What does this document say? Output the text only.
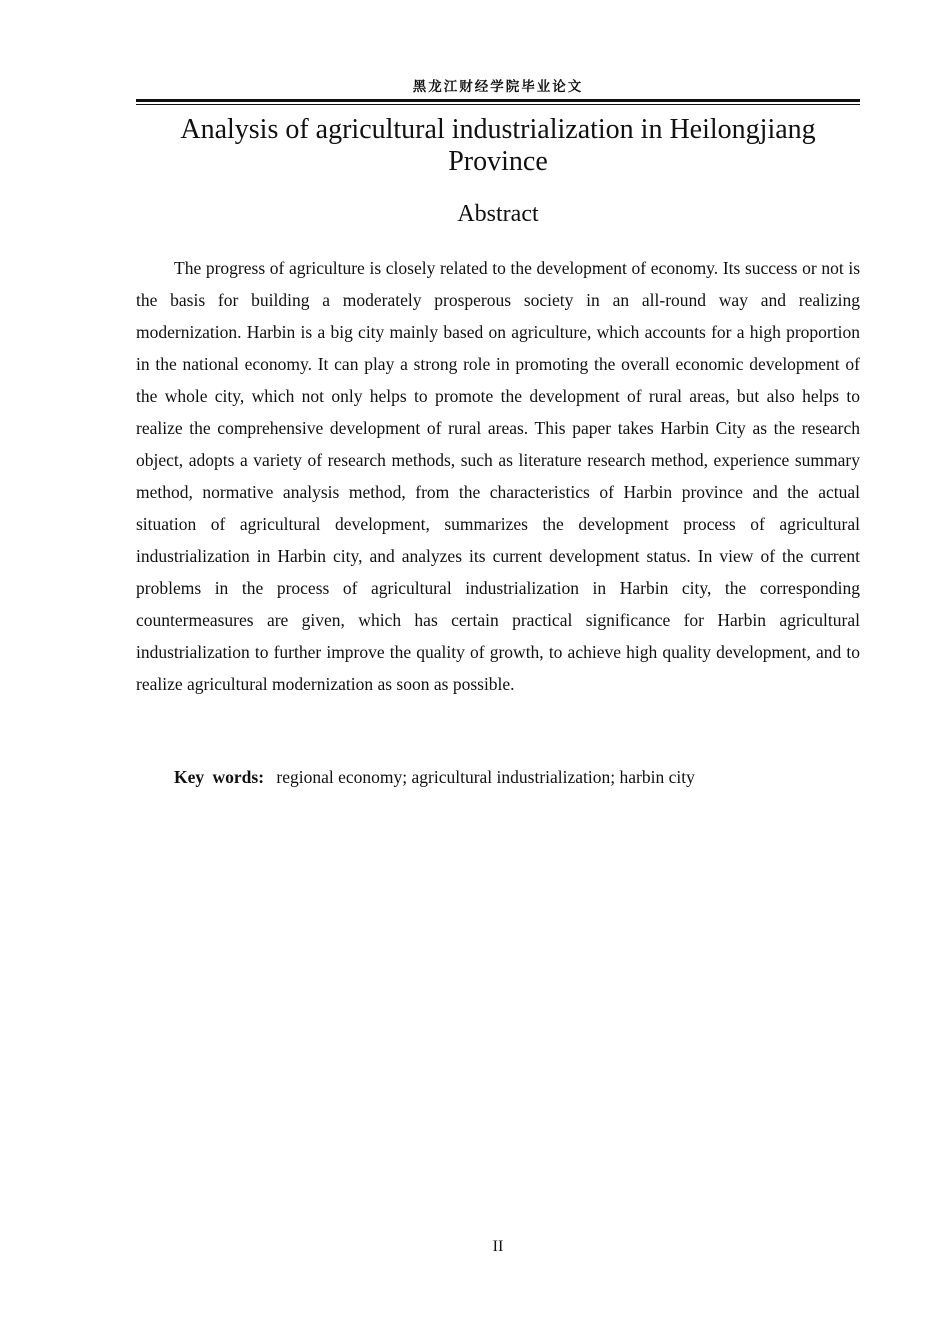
黑龙江财经学院毕业论文
Analysis of agricultural industrialization in Heilongjiang Province
Abstract

The progress of agriculture is closely related to the development of economy. Its success or not is the basis for building a moderately prosperous society in an all-round way and realizing modernization. Harbin is a big city mainly based on agriculture, which accounts for a high proportion in the national economy. It can play a strong role in promoting the overall economic development of the whole city, which not only helps to promote the development of rural areas, but also helps to realize the comprehensive development of rural areas. This paper takes Harbin City as the research object, adopts a variety of research methods, such as literature research method, experience summary method, normative analysis method, from the characteristics of Harbin province and the actual situation of agricultural development, summarizes the development process of agricultural industrialization in Harbin city, and analyzes its current development status. In view of the current problems in the process of agricultural industrialization in Harbin city, the corresponding countermeasures are given, which has certain practical significance for Harbin agricultural industrialization to further improve the quality of growth, to achieve high quality development, and to realize agricultural modernization as soon as possible.

Key words: regional economy; agricultural industrialization; harbin city

II
